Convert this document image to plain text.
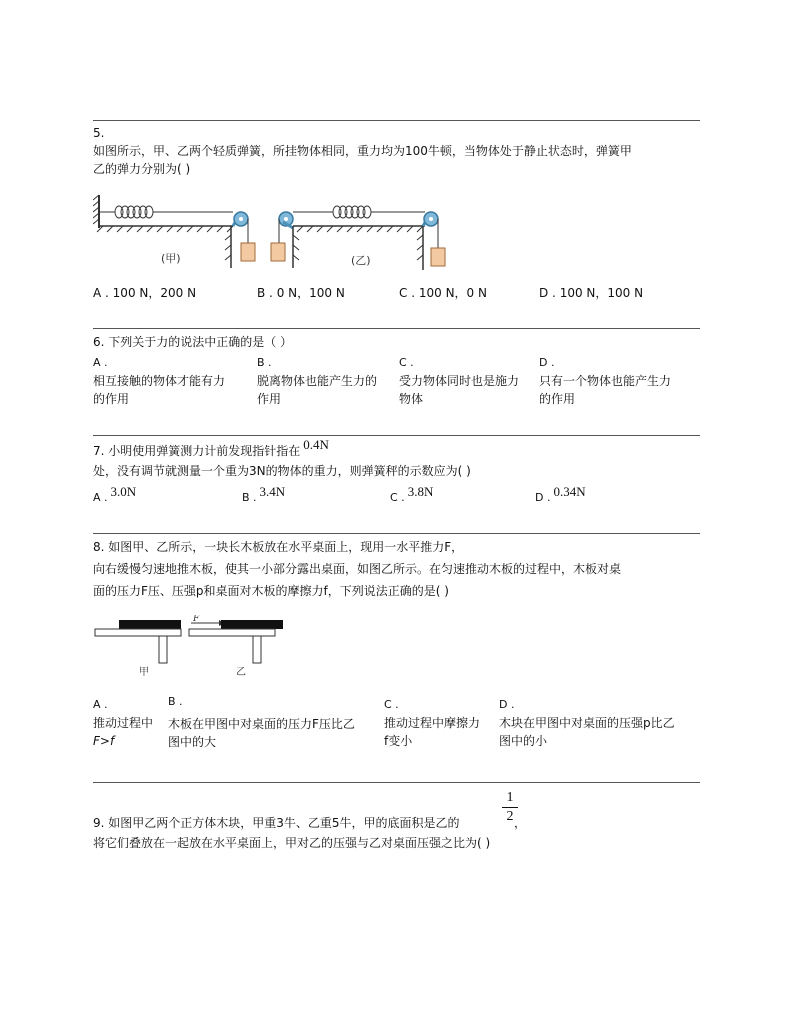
5.
如图所示，甲、乙两个轻质弹簧，所挂物体相同，重力均为100牛顿，当物体处于静止状态时，弹簧甲
乙的弹力分别为( )
(甲)	(乙)
A . 100 N，200 N	B . 0 N，100 N	C . 100 N，0 N	D . 100 N，100 N
6. 下列关于力的说法中正确的是（ ）
A .
相互接触的物体才能有力
的作用
B .
脱离物体也能产生力的
作用
C .
受力物体同时也是施力
物体
D .
只有一个物体也能产生力
的作用
7. 小明使用弹簧测力计前发现指针指在 0.4N
处，没有调节就测量一个重为3N的物体的重力，则弹簧秤的示数应为( )
A . 3.0N	B . 3.4N	C . 3.8N	D . 0.34N
8. 如图甲、乙所示，一块长木板放在水平桌面上，现用一水平推力F，
向右缓慢匀速地推木板，使其一小部分露出桌面，如图乙所示。在匀速推动木板的过程中，木板对桌
面的压力F压、压强p和桌面对木板的摩擦力f，下列说法正确的是( )
F
甲	乙
A .
推动过程中
F>f
B .
木板在甲图中对桌面的压力F压比乙
图中的大
C .
推动过程中摩擦力
f变小
D .
木块在甲图中对桌面的压强p比乙
图中的小
9. 如图甲乙两个正方体木块，甲重3牛、乙重5牛，甲的底面积是乙的
1
2 ，
将它们叠放在一起放在水平桌面上，甲对乙的压强与乙对桌面压强之比为( )
